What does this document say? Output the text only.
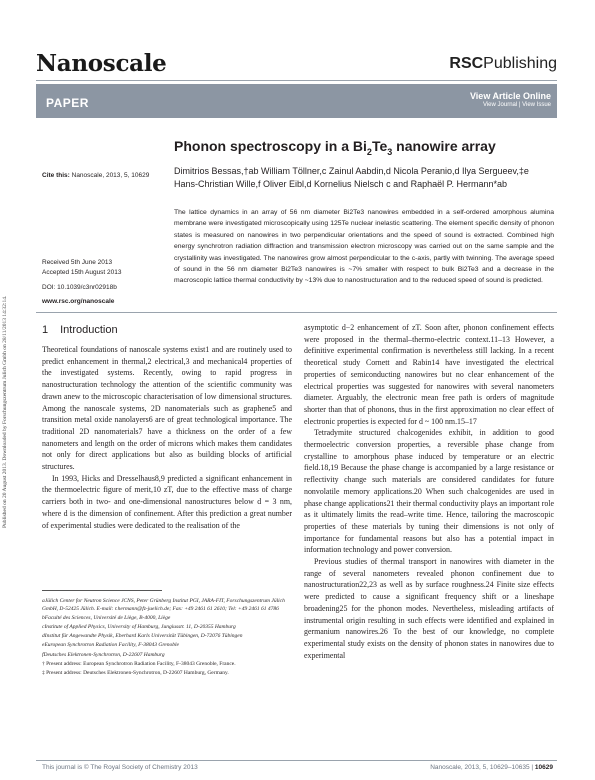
Nanoscale	RSCPublishing
PAPER	View Article Online
View Journal | View Issue
Published on 20 August 2013. Downloaded by Forschungszentrum Julich Gmbh on 28/11/2013 14:32:14.
Phonon spectroscopy in a $Bi_2Te_3$ nanowire array
Dimitrios Bessas,†ab William Töllner,c Zainul Aabdin,d Nicola Peranio,d Ilya Sergueev,‡e
Hans-Christian Wille,f Oliver Eibl,d Kornelius Nielsch c and Raphaël P. Hermann*ab
Cite this: Nanoscale, 2013, 5, 10629
The lattice dynamics in an array of 56 nm diameter Bi2Te3 nanowires embedded in a self-ordered amorphous alumina membrane were investigated microscopically using 125Te nuclear inelastic scattering. The element specific density of phonon states is measured on nanowires in two perpendicular orientations and the speed of sound is extracted. Combined high energy synchrotron radiation diffraction and transmission electron microscopy was carried out on the same sample and the crystallinity was investigated. The nanowires grow almost perpendicular to the c-axis, partly with twinning. The average speed of sound in the 56 nm diameter Bi2Te3 nanowires is ~7% smaller with respect to bulk Bi2Te3 and a decrease in the macroscopic lattice thermal conductivity by ~13% due to nanostructuration and to the reduced speed of sound is predicted.
Received 5th June 2013
Accepted 15th August 2013
DOI: 10.1039/c3nr02918b
www.rsc.org/nanoscale
1 Introduction

Theoretical foundations of nanoscale systems exist1 and are routinely used to predict enhancement in thermal,2 electrical,3 and mechanical4 properties of the investigated systems. Recently, owing to rapid progress in nanostructuration technology the attention of the scientific community was drawn anew to the microscopic characterisation of low dimensional structures. Among the nanoscale systems, 2D nanomaterials such as graphene5 and transition metal oxide nanolayers6 are of great technological importance. The traditional 2D nanomaterials7 have a thickness on the order of a few nanometers and length on the order of microns which makes them candidates not only for direct applications but also as building blocks of artificial structures.

In 1993, Hicks and Dresselhaus8,9 predicted a significant enhancement in the thermoelectric figure of merit,10 zT, due to the effective mass of charge carriers both in two- and one-dimensional nanostructures below d = 3 nm, where d is the dimension of confinement. After this prediction a great number of experimental studies were dedicated to the realisation of the

asymptotic d−2 enhancement of zT. Soon after, phonon confinement effects were proposed in the thermal–thermo-electric context.11–13 However, a definitive experimental confirmation is nevertheless still lacking. In a recent theoretical study Cornett and Rabin14 have investigated the electrical properties of semiconducting nanowires but no clear enhancement of the electrical properties was suggested for nanowires with several nanometers diameter. Arguably, the electronic mean free path is orders of magnitude shorter than that of phonons, thus in the first approximation no clear effect of electronic properties is expected for d ~ 100 nm.15–17

Tetradymite structured chalcogenides exhibit, in addition to good thermoelectric conversion properties, a reversible phase change from crystalline to amorphous phase induced by temperature or an electric field.18,19 Because the phase change is accompanied by a large resistance or reflectivity change such materials are considered candidates for future nonvolatile memory applications.20 When such chalcogenides are used in phase change applications21 their thermal conductivity plays an important role as it ultimately limits the read–write time. Hence, tailoring the macroscopic properties of these materials by tuning their dimensions is not only of importance for fundamental reasons but also has a potential impact in information technology and power conversion.

Previous studies of thermal transport in nanowires with diameter in the range of several nanometers revealed phonon confinement due to nanostructuration22,23 as well as by surface roughness.24 Finite size effects were predicted to cause a significant frequency shift or a lineshape broadening25 for the phonon modes. Nevertheless, misleading artifacts of instrumental origin resulting in such effects were identified and explained in germanium nanowires.26 To the best of our knowledge, no complete experimental study exists on the density of phonon states in nanowires due to experimental

aJülich Center for Neutron Science JCNS, Peter Grünberg Institut PGI, JARA-FIT, Forschungszentrum Jülich GmbH, D-52425 Jülich. E-mail: r.hermann@fz-juelich.de; Fax: +49 2461 61 2610; Tel: +49 2461 61 4786

bFaculté des Sciences, Université de Liège, B-4000, Liège

cInstitute of Applied Physics, University of Hamburg, Jungiusstr. 11, D-20355 Hamburg

dInstitut für Angewandte Physik, Eberhard Karls Universität Tübingen, D-72076 Tübingen

eEuropean Synchrotron Radiation Facility, F-38043 Grenoble

fDeutsches Elektronen-Synchrotron, D-22607 Hamburg

† Present address: European Synchrotron Radiation Facility, F-38043 Grenoble, France.

‡ Present address: Deutsches Elektronen-Synchrotron, D-22607 Hamburg, Germany.

This journal is © The Royal Society of Chemistry 2013	Nanoscale, 2013, 5, 10629–10635 | 10629
